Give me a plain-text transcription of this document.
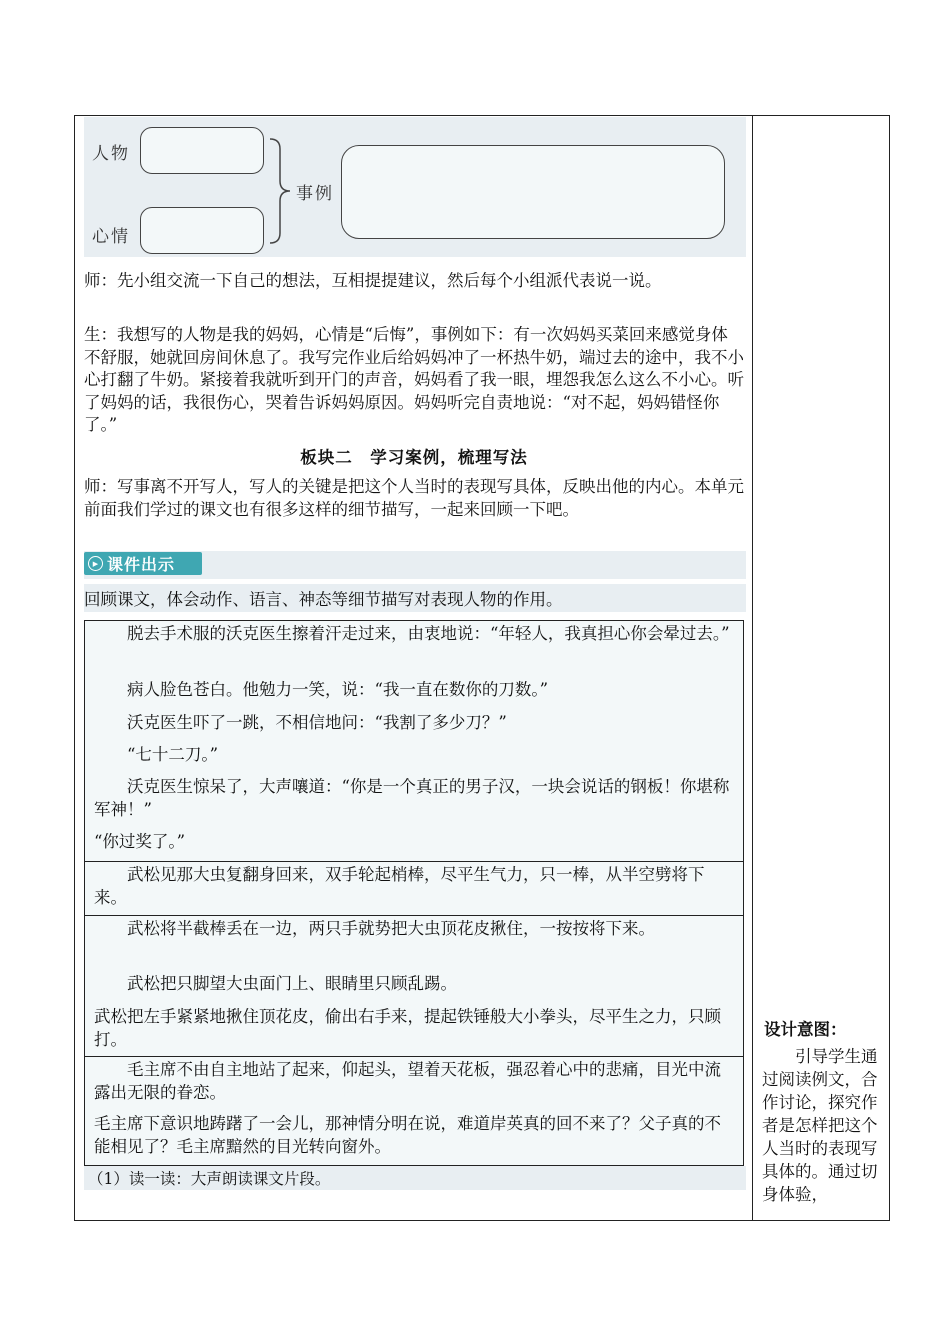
人物
心情
事例

师：先小组交流一下自己的想法，互相提提建议，然后每个小组派代表说一说。

生：我想写的人物是我的妈妈，心情是“后悔”，事例如下：有一次妈妈买菜回来感觉身体不舒服，她就回房间休息了。我写完作业后给妈妈冲了一杯热牛奶，端过去的途中，我不小心打翻了牛奶。紧接着我就听到开门的声音，妈妈看了我一眼，埋怨我怎么这么不小心。听了妈妈的话，我很伤心，哭着告诉妈妈原因。妈妈听完自责地说：“对不起，妈妈错怪你了。”

板块二　学习案例，梳理写法

师：写事离不开写人，写人的关键是把这个人当时的表现写具体，反映出他的内心。本单元前面我们学过的课文也有很多这样的细节描写，一起来回顾一下吧。

▶ 课件出示

回顾课文，体会动作、语言、神态等细节描写对表现人物的作用。

脱去手术服的沃克医生擦着汗走过来，由衷地说：“年轻人，我真担心你会晕过去。”

病人脸色苍白。他勉力一笑，说：“我一直在数你的刀数。”

沃克医生吓了一跳，不相信地问：“我割了多少刀？”

“七十二刀。”

沃克医生惊呆了，大声嚷道：“你是一个真正的男子汉，一块会说话的钢板！你堪称军神！”

“你过奖了。”

武松见那大虫复翻身回来，双手轮起梢棒，尽平生气力，只一棒，从半空劈将下来。

武松将半截棒丢在一边，两只手就势把大虫顶花皮揪住，一按按将下来。

武松把只脚望大虫面门上、眼睛里只顾乱踢。

武松把左手紧紧地揪住顶花皮，偷出右手来，提起铁锤般大小拳头，尽平生之力，只顾打。

毛主席不由自主地站了起来，仰起头，望着天花板，强忍着心中的悲痛，目光中流露出无限的眷恋。

毛主席下意识地踌躇了一会儿，那神情分明在说，难道岸英真的回不来了？父子真的不能相见了？毛主席黯然的目光转向窗外。

（1）读一读：大声朗读课文片段。

设计意图：

引导学生通过阅读例文，合作讨论，探究作者是怎样把这个人当时的表现写具体的。通过切身体验，
